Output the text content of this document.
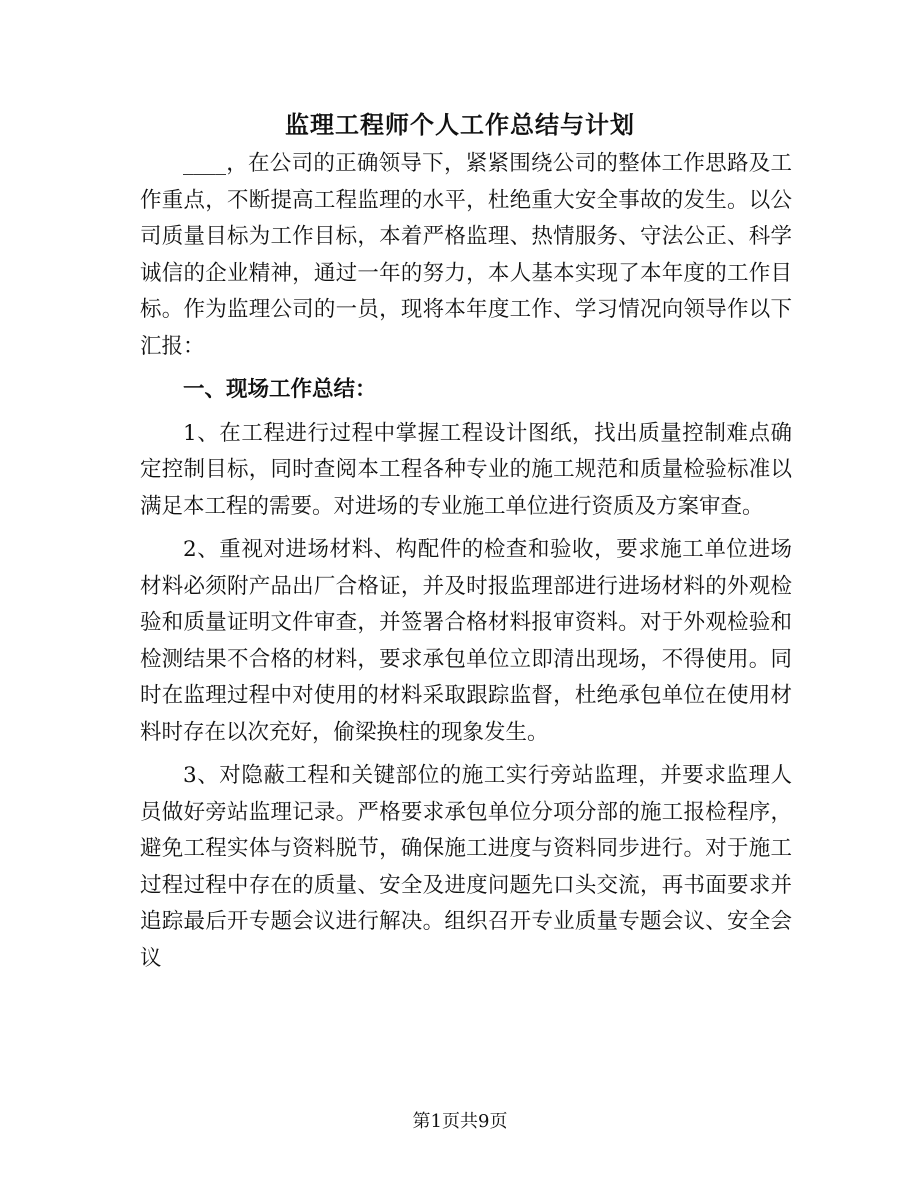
监理工程师个人工作总结与计划

____，在公司的正确领导下，紧紧围绕公司的整体工作思路及工作重点，不断提高工程监理的水平，杜绝重大安全事故的发生。以公司质量目标为工作目标，本着严格监理、热情服务、守法公正、科学诚信的企业精神，通过一年的努力，本人基本实现了本年度的工作目标。作为监理公司的一员，现将本年度工作、学习情况向领导作以下汇报：

一、现场工作总结：

1、在工程进行过程中掌握工程设计图纸，找出质量控制难点确定控制目标，同时查阅本工程各种专业的施工规范和质量检验标准以满足本工程的需要。对进场的专业施工单位进行资质及方案审查。

2、重视对进场材料、构配件的检查和验收，要求施工单位进场材料必须附产品出厂合格证，并及时报监理部进行进场材料的外观检验和质量证明文件审查，并签署合格材料报审资料。对于外观检验和检测结果不合格的材料，要求承包单位立即清出现场，不得使用。同时在监理过程中对使用的材料采取跟踪监督，杜绝承包单位在使用材料时存在以次充好，偷梁换柱的现象发生。

3、对隐蔽工程和关键部位的施工实行旁站监理，并要求监理人员做好旁站监理记录。严格要求承包单位分项分部的施工报检程序，避免工程实体与资料脱节，确保施工进度与资料同步进行。对于施工过程过程中存在的质量、安全及进度问题先口头交流，再书面要求并追踪最后开专题会议进行解决。组织召开专业质量专题会议、安全会议

第1页共9页
